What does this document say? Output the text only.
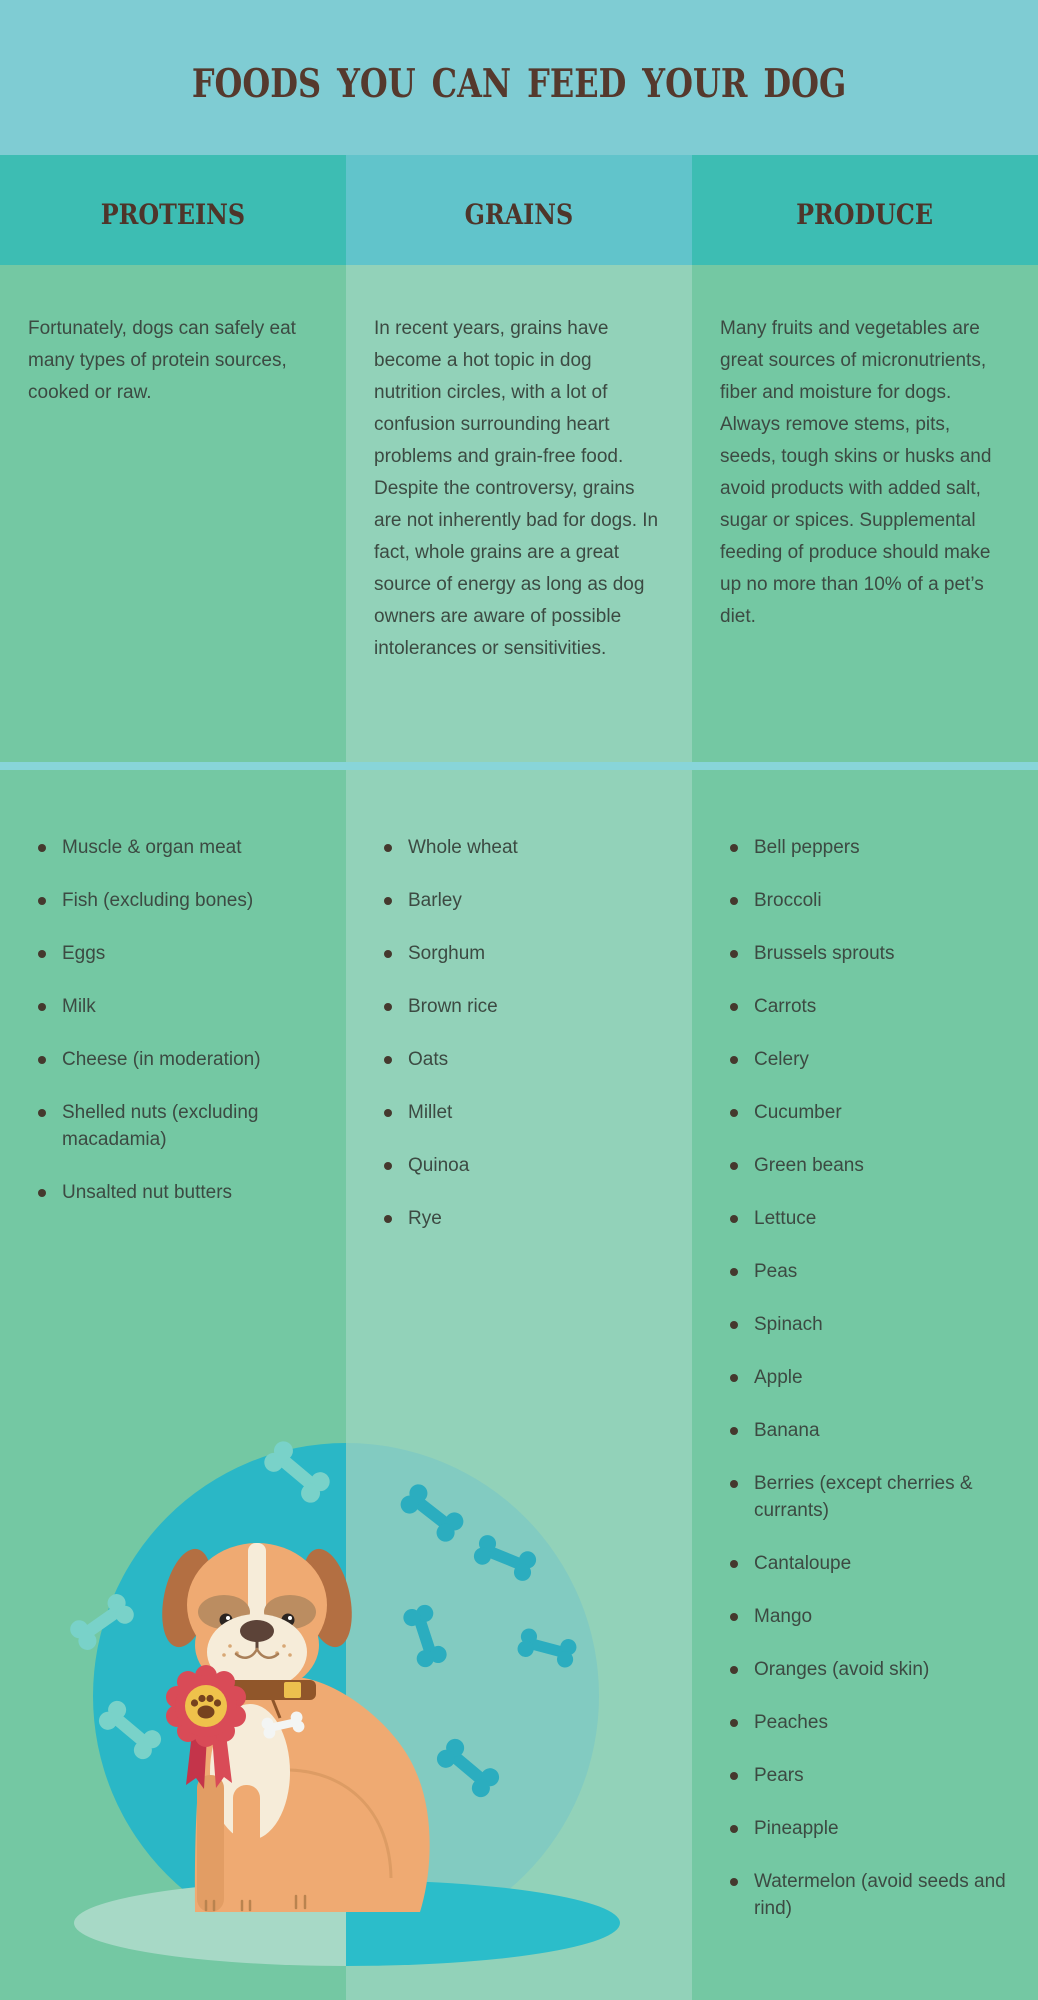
foods you can feed your dog
proteins	grains	produce

Fortunately, dogs can safely eat many types of protein sources, cooked or raw.

In recent years, grains have become a hot topic in dog nutrition circles, with a lot of confusion surrounding heart problems and grain-free food. Despite the controversy, grains are not inherently bad for dogs. In fact, whole grains are a great source of energy as long as dog owners are aware of possible intolerances or sensitivities.

Many fruits and vegetables are great sources of micronutrients, fiber and moisture for dogs. Always remove stems, pits, seeds, tough skins or husks and avoid products with added salt, sugar or spices. Supplemental feeding of produce should make up no more than 10% of a pet’s diet.

Muscle & organ meat
Fish (excluding bones)
Eggs
Milk
Cheese (in moderation)
Shelled nuts (excluding macadamia)
Unsalted nut butters
Whole wheat
Barley
Sorghum
Brown rice
Oats
Millet
Quinoa
Rye
Bell peppers
Broccoli
Brussels sprouts
Carrots
Celery
Cucumber
Green beans
Lettuce
Peas
Spinach
Apple
Banana
Berries (except cherries & currants)
Cantaloupe
Mango
Oranges (avoid skin)
Peaches
Pears
Pineapple
Watermelon (avoid seeds and rind)
